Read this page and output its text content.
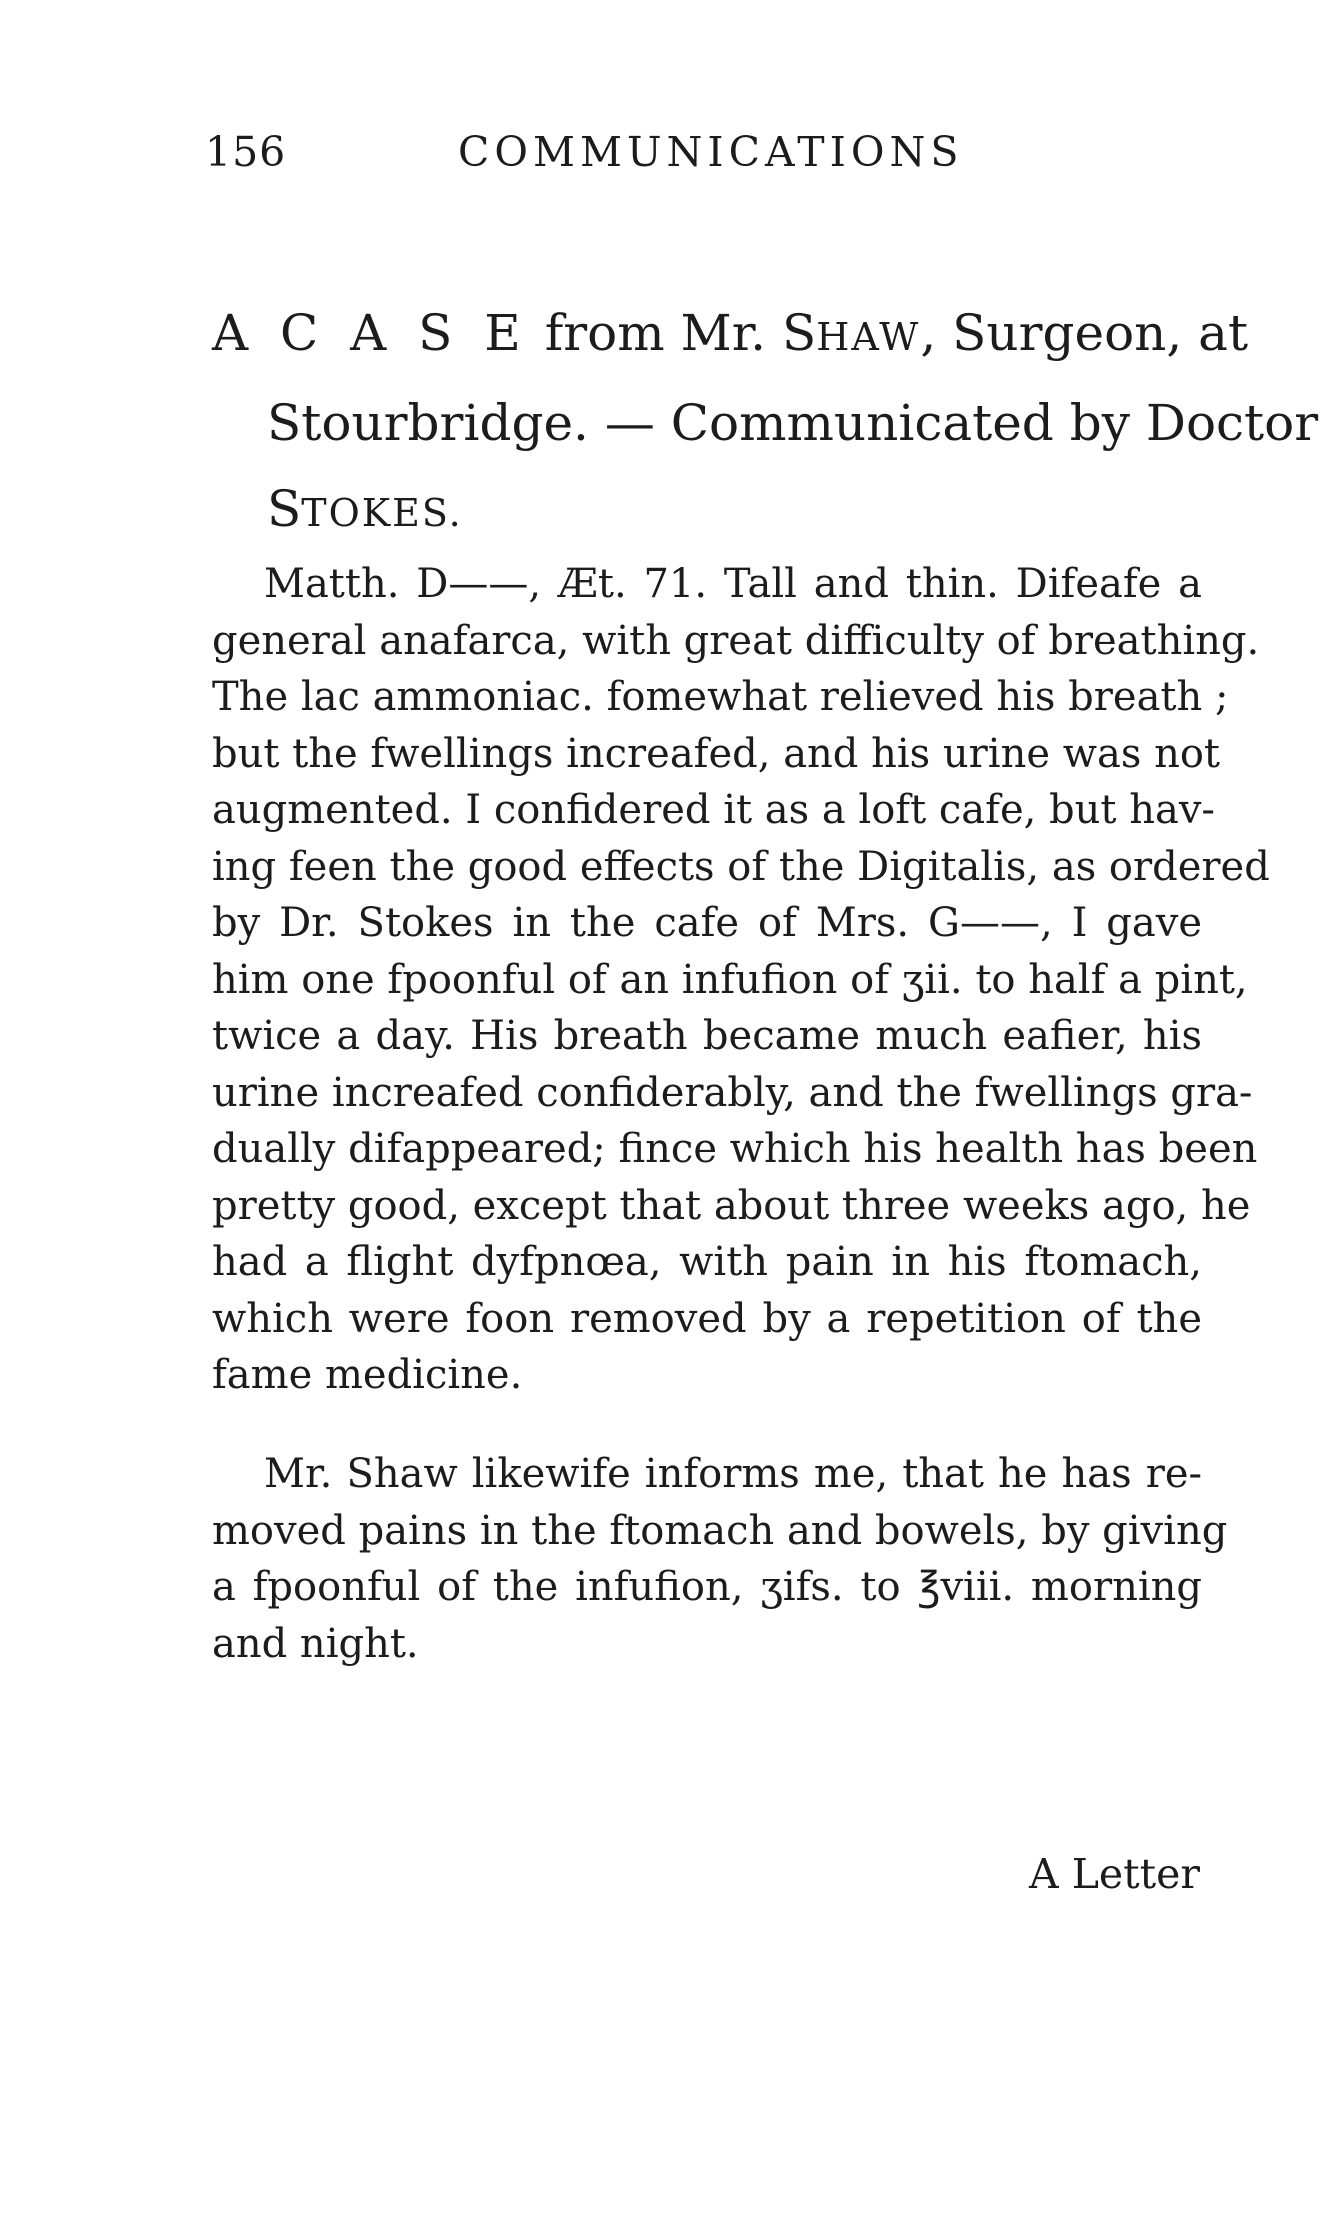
156	COMMUNICATIONS
A C A S E from Mr. SHAW, Surgeon, at
Stourbridge. — Communicated by Doctor
STOKES.
Matth. D——, Æt. 71. Tall and thin. Difeafe a
general anafarca, with great difficulty of breathing.
The lac ammoniac. fomewhat relieved his breath ;
but the fwellings increafed, and his urine was not
augmented. I confidered it as a loft cafe, but hav-
ing feen the good effects of the Digitalis, as ordered
by Dr. Stokes in the cafe of Mrs. G——, I gave
him one fpoonful of an infufion of ʒii. to half a pint,
twice a day. His breath became much eafier, his
urine increafed confiderably, and the fwellings gra-
dually difappeared; fince which his health has been
pretty good, except that about three weeks ago, he
had a flight dyfpnœa, with pain in his ftomach,
which were foon removed by a repetition of the
fame medicine.
Mr. Shaw likewife informs me, that he has re-
moved pains in the ftomach and bowels, by giving
a fpoonful of the infufion, ʒifs. to ℥viii. morning
and night.
A Letter
